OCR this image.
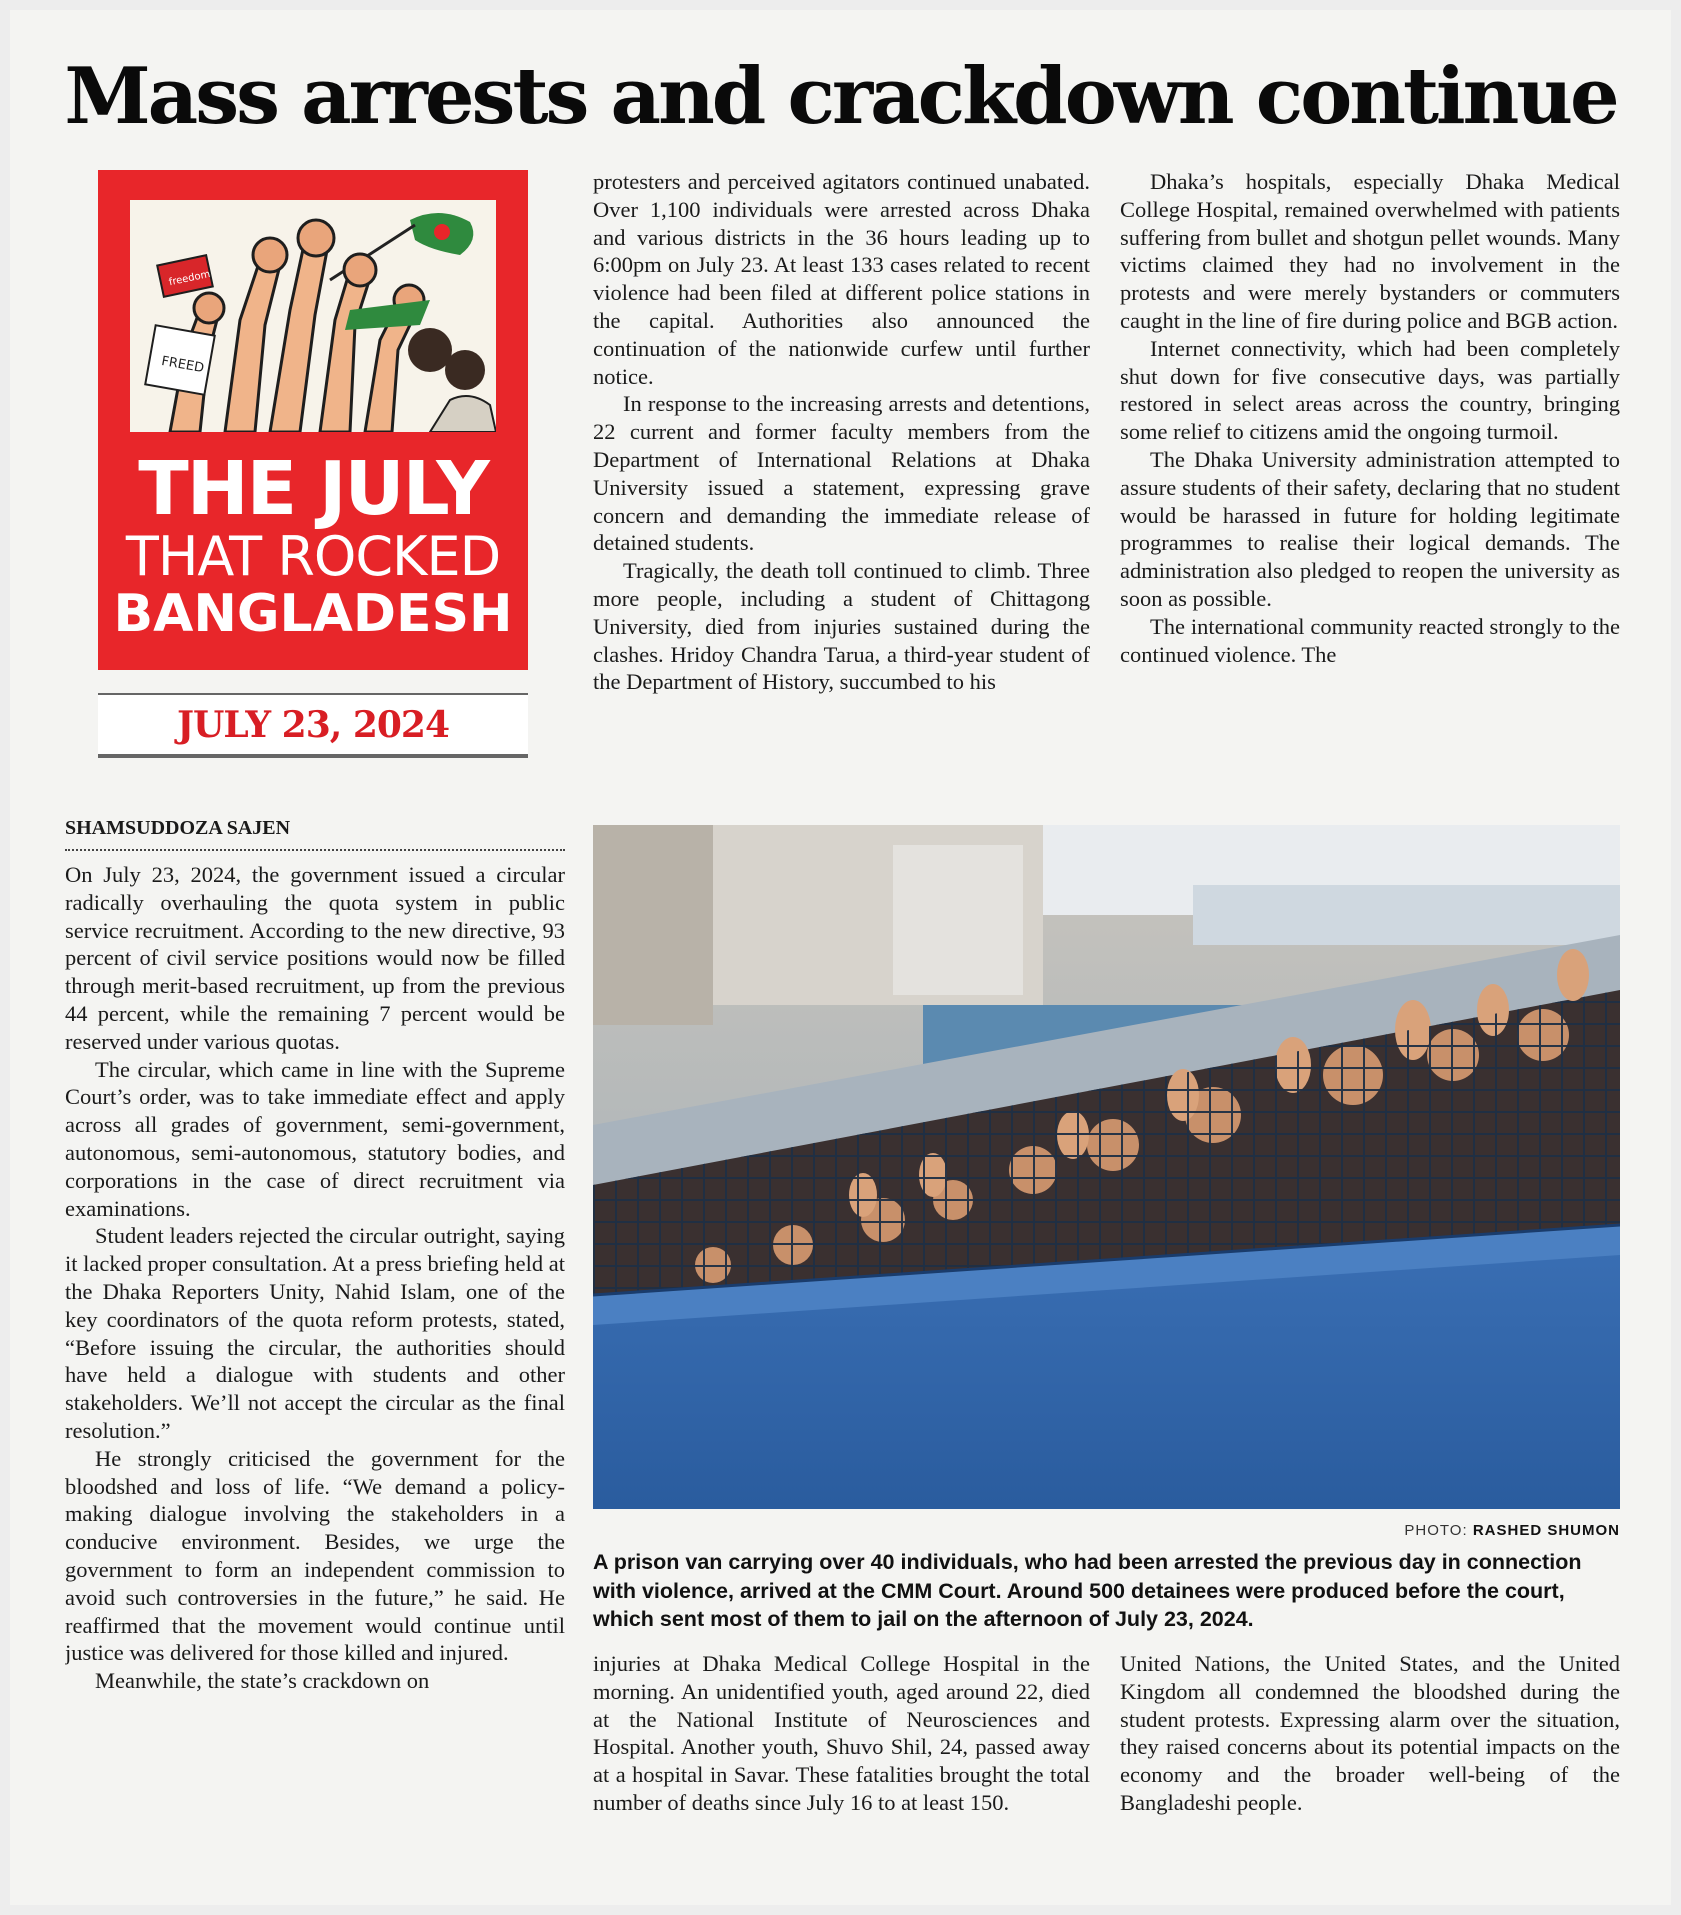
Mass arrests and crackdown continue
freedom
FREED
THE JULY
THAT ROCKED
BANGLADESH
JULY 23, 2024
SHAMSUDDOZA SAJEN

On July 23, 2024, the government issued a circular radically overhauling the quota system in public service recruitment. According to the new directive, 93 percent of civil service positions would now be filled through merit-based recruitment, up from the previous 44 percent, while the remaining 7 percent would be reserved under various quotas.

The circular, which came in line with the Supreme Court’s order, was to take immediate effect and apply across all grades of government, semi-government, autonomous, semi-autonomous, statutory bodies, and corporations in the case of direct recruitment via examinations.

Student leaders rejected the circular outright, saying it lacked proper consultation. At a press briefing held at the Dhaka Reporters Unity, Nahid Islam, one of the key coordinators of the quota reform protests, stated, “Before issuing the circular, the authorities should have held a dialogue with students and other stakeholders. We’ll not accept the circular as the final resolution.”

He strongly criticised the government for the bloodshed and loss of life. “We demand a policy-making dialogue involving the stakeholders in a conducive environment. Besides, we urge the government to form an independent commission to avoid such controversies in the future,” he said. He reaffirmed that the movement would continue until justice was delivered for those killed and injured.

Meanwhile, the state’s crackdown on

protesters and perceived agitators continued unabated. Over 1,100 individuals were arrested across Dhaka and various districts in the 36 hours leading up to 6:00pm on July 23. At least 133 cases related to recent violence had been filed at different police stations in the capital. Authorities also announced the continuation of the nationwide curfew until further notice.

In response to the increasing arrests and detentions, 22 current and former faculty members from the Department of International Relations at Dhaka University issued a statement, expressing grave concern and demanding the immediate release of detained students.

Tragically, the death toll continued to climb. Three more people, including a student of Chittagong University, died from injuries sustained during the clashes. Hridoy Chandra Tarua, a third-year student of the Department of History, succumbed to his

Dhaka’s hospitals, especially Dhaka Medical College Hospital, remained overwhelmed with patients suffering from bullet and shotgun pellet wounds. Many victims claimed they had no involvement in the protests and were merely bystanders or commuters caught in the line of fire during police and BGB action.

Internet connectivity, which had been completely shut down for five consecutive days, was partially restored in select areas across the country, bringing some relief to citizens amid the ongoing turmoil.

The Dhaka University administration attempted to assure students of their safety, declaring that no student would be harassed in future for holding legitimate programmes to realise their logical demands. The administration also pledged to reopen the university as soon as possible.

The international community reacted strongly to the continued violence. The

PHOTO: RASHED SHUMON
A prison van carrying over 40 individuals, who had been arrested the previous day in connection with violence, arrived at the CMM Court. Around 500 detainees were produced before the court, which sent most of them to jail on the afternoon of July 23, 2024.

injuries at Dhaka Medical College Hospital in the morning. An unidentified youth, aged around 22, died at the National Institute of Neurosciences and Hospital. Another youth, Shuvo Shil, 24, passed away at a hospital in Savar. These fatalities brought the total number of deaths since July 16 to at least 150.

United Nations, the United States, and the United Kingdom all condemned the bloodshed during the student protests. Expressing alarm over the situation, they raised concerns about its potential impacts on the economy and the broader well-being of the Bangladeshi people.
